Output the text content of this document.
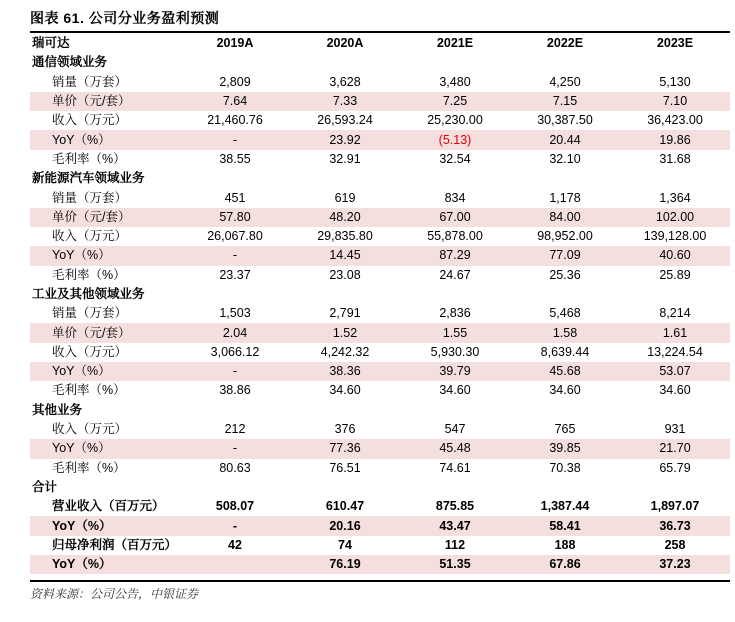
图表 61. 公司分业务盈利预测
瑞可达	2019A	2020A	2021E	2022E	2023E
通信领域业务					
销量（万套）	2,809	3,628	3,480	4,250	5,130
单价（元/套）	7.64	7.33	7.25	7.15	7.10
收入（万元）	21,460.76	26,593.24	25,230.00	30,387.50	36,423.00
YoY（%）	-	23.92	(5.13)	20.44	19.86
毛利率（%）	38.55	32.91	32.54	32.10	31.68
新能源汽车领域业务					
销量（万套）	451	619	834	1,178	1,364
单价（元/套）	57.80	48.20	67.00	84.00	102.00
收入（万元）	26,067.80	29,835.80	55,878.00	98,952.00	139,128.00
YoY（%）	-	14.45	87.29	77.09	40.60
毛利率（%）	23.37	23.08	24.67	25.36	25.89
工业及其他领域业务					
销量（万套）	1,503	2,791	2,836	5,468	8,214
单价（元/套）	2.04	1.52	1.55	1.58	1.61
收入（万元）	3,066.12	4,242.32	5,930.30	8,639.44	13,224.54
YoY（%）	-	38.36	39.79	45.68	53.07
毛利率（%）	38.86	34.60	34.60	34.60	34.60
其他业务					
收入（万元）	212	376	547	765	931
YoY（%）	-	77.36	45.48	39.85	21.70
毛利率（%）	80.63	76.51	74.61	70.38	65.79
合计					
营业收入（百万元）	508.07	610.47	875.85	1,387.44	1,897.07
YoY（%）	-	20.16	43.47	58.41	36.73
归母净利润（百万元）	42	74	112	188	258
YoY（%）		76.19	51.35	67.86	37.23
资料来源：公司公告，中银证券
